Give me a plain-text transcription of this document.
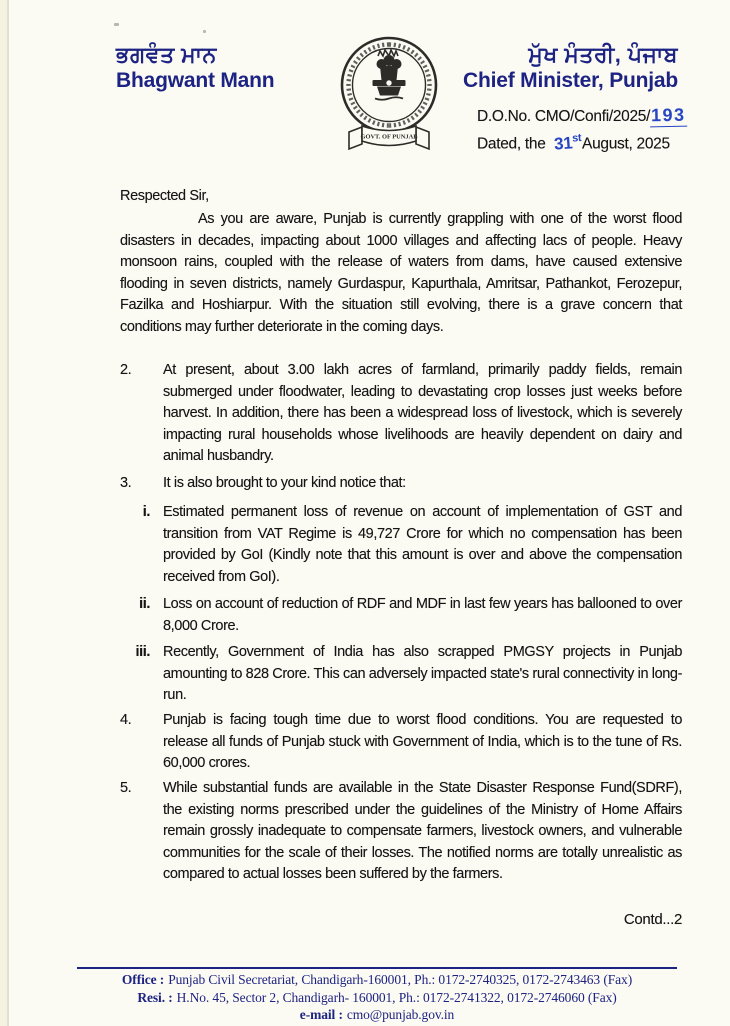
ਭਗਵੰਤ ਮਾਨ
Bhagwant Mann
GOVT. OF PUNJAB
ਮੁੱਖ ਮੰਤਰੀ, ਪੰਜਾਬ
Chief Minister, Punjab
D.O.No. CMO/Confi/2025/193
Dated, the 31stAugust, 2025
Respected Sir,
As you are aware, Punjab is currently grappling with one of the worst flood disasters in decades, impacting about 1000 villages and affecting lacs of people. Heavy monsoon rains, coupled with the release of waters from dams, have caused extensive flooding in seven districts, namely Gurdaspur, Kapurthala, Amritsar, Pathankot, Ferozepur, Fazilka and Hoshiarpur. With the situation still evolving, there is a grave concern that conditions may further deteriorate in the coming days.
2.	At present, about 3.00 lakh acres of farmland, primarily paddy fields, remain submerged under floodwater, leading to devastating crop losses just weeks before harvest. In addition, there has been a widespread loss of livestock, which is severely impacting rural households whose livelihoods are heavily dependent on dairy and animal husbandry.
3.	It is also brought to your kind notice that:
i. Estimated permanent loss of revenue on account of implementation of GST and transition from VAT Regime is 49,727 Crore for which no compensation has been provided by GoI (Kindly note that this amount is over and above the compensation received from GoI).
ii. Loss on account of reduction of RDF and MDF in last few years has ballooned to over 8,000 Crore.
iii. Recently, Government of India has also scrapped PMGSY projects in Punjab amounting to 828 Crore. This can adversely impacted state's rural connectivity in long-run.
4.	Punjab is facing tough time due to worst flood conditions. You are requested to release all funds of Punjab stuck with Government of India, which is to the tune of Rs. 60,000 crores.
5.	While substantial funds are available in the State Disaster Response Fund(SDRF), the existing norms prescribed under the guidelines of the Ministry of Home Affairs remain grossly inadequate to compensate farmers, livestock owners, and vulnerable communities for the scale of their losses. The notified norms are totally unrealistic as compared to actual losses been suffered by the farmers.
Contd...2
Office : Punjab Civil Secretariat, Chandigarh-160001, Ph.: 0172-2740325, 0172-2743463 (Fax)
Resi. : H.No. 45, Sector 2, Chandigarh- 160001, Ph.: 0172-2741322, 0172-2746060 (Fax)
e-mail : cmo@punjab.gov.in
